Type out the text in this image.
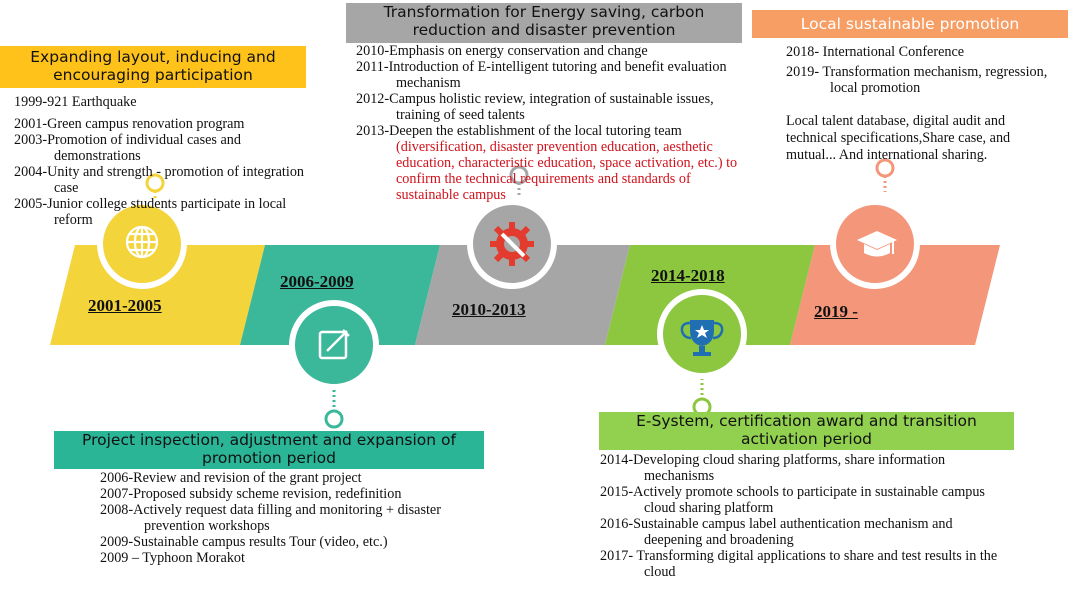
2001-2005
2006-2009
2010-2013
2014-2018
2019 -
Expanding layout, inducing and encouraging participation
1999-921 Earthquake
2001-Green campus renovation program
2003-Promotion of individual cases and demonstrations
2004-Unity and strength - promotion of integration case
2005-Junior college students participate in local reform
Transformation for Energy saving, carbon reduction and disaster prevention
2010-Emphasis on energy conservation and change
2011-Introduction of E-intelligent tutoring and benefit evaluation mechanism
2012-Campus holistic review, integration of sustainable issues, training of seed talents
2013-Deepen the establishment of the local tutoring team (diversification, disaster prevention education, aesthetic education, characteristic education, space activation, etc.) to confirm the technical requirements and standards of sustainable campus
Local sustainable promotion
2018- International Conference
2019- Transformation mechanism, regression, local promotion
Local talent database, digital audit and technical specifications,Share case, and mutual... And international sharing.
Project inspection, adjustment and expansion of promotion period
2006-Review and revision of the grant project
2007-Proposed subsidy scheme revision, redefinition
2008-Actively request data filling and monitoring + disaster prevention workshops
2009-Sustainable campus results Tour (video, etc.)
2009 – Typhoon Morakot
E-System, certification award and transition activation period
2014-Developing cloud sharing platforms, share information mechanisms
2015-Actively promote schools to participate in sustainable campus cloud sharing platform
2016-Sustainable campus label authentication mechanism and deepening and broadening
2017- Transforming digital applications to share and test results in the cloud
